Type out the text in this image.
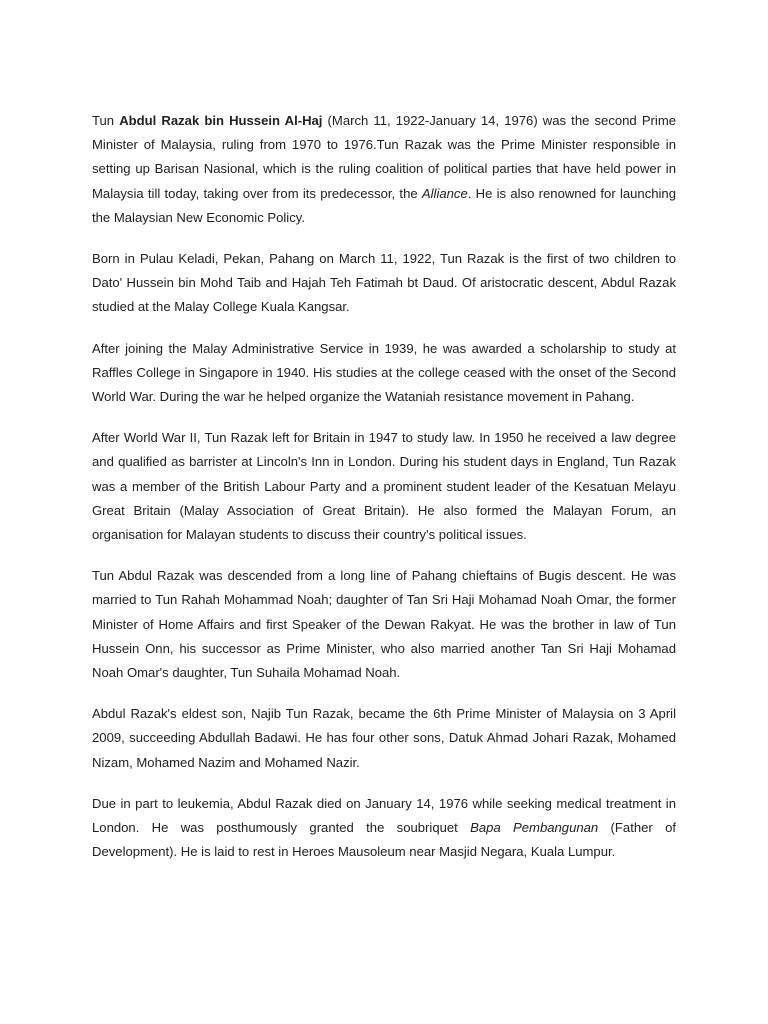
Tun Abdul Razak bin Hussein Al-Haj (March 11, 1922-January 14, 1976) was the second Prime Minister of Malaysia, ruling from 1970 to 1976.Tun Razak was the Prime Minister responsible in setting up Barisan Nasional, which is the ruling coalition of political parties that have held power in Malaysia till today, taking over from its predecessor, the Alliance. He is also renowned for launching the Malaysian New Economic Policy.

Born in Pulau Keladi, Pekan, Pahang on March 11, 1922, Tun Razak is the first of two children to Dato' Hussein bin Mohd Taib and Hajah Teh Fatimah bt Daud. Of aristocratic descent, Abdul Razak studied at the Malay College Kuala Kangsar.

After joining the Malay Administrative Service in 1939, he was awarded a scholarship to study at Raffles College in Singapore in 1940. His studies at the college ceased with the onset of the Second World War. During the war he helped organize the Wataniah resistance movement in Pahang.

After World War II, Tun Razak left for Britain in 1947 to study law. In 1950 he received a law degree and qualified as barrister at Lincoln's Inn in London. During his student days in England, Tun Razak was a member of the British Labour Party and a prominent student leader of the Kesatuan Melayu Great Britain (Malay Association of Great Britain). He also formed the Malayan Forum, an organisation for Malayan students to discuss their country's political issues.

Tun Abdul Razak was descended from a long line of Pahang chieftains of Bugis descent. He was married to Tun Rahah Mohammad Noah; daughter of Tan Sri Haji Mohamad Noah Omar, the former Minister of Home Affairs and first Speaker of the Dewan Rakyat. He was the brother in law of Tun Hussein Onn, his successor as Prime Minister, who also married another Tan Sri Haji Mohamad Noah Omar's daughter, Tun Suhaila Mohamad Noah.

Abdul Razak's eldest son, Najib Tun Razak, became the 6th Prime Minister of Malaysia on 3 April 2009, succeeding Abdullah Badawi. He has four other sons, Datuk Ahmad Johari Razak, Mohamed Nizam, Mohamed Nazim and Mohamed Nazir.

Due in part to leukemia, Abdul Razak died on January 14, 1976 while seeking medical treatment in London. He was posthumously granted the soubriquet Bapa Pembangunan (Father of Development). He is laid to rest in Heroes Mausoleum near Masjid Negara, Kuala Lumpur.
